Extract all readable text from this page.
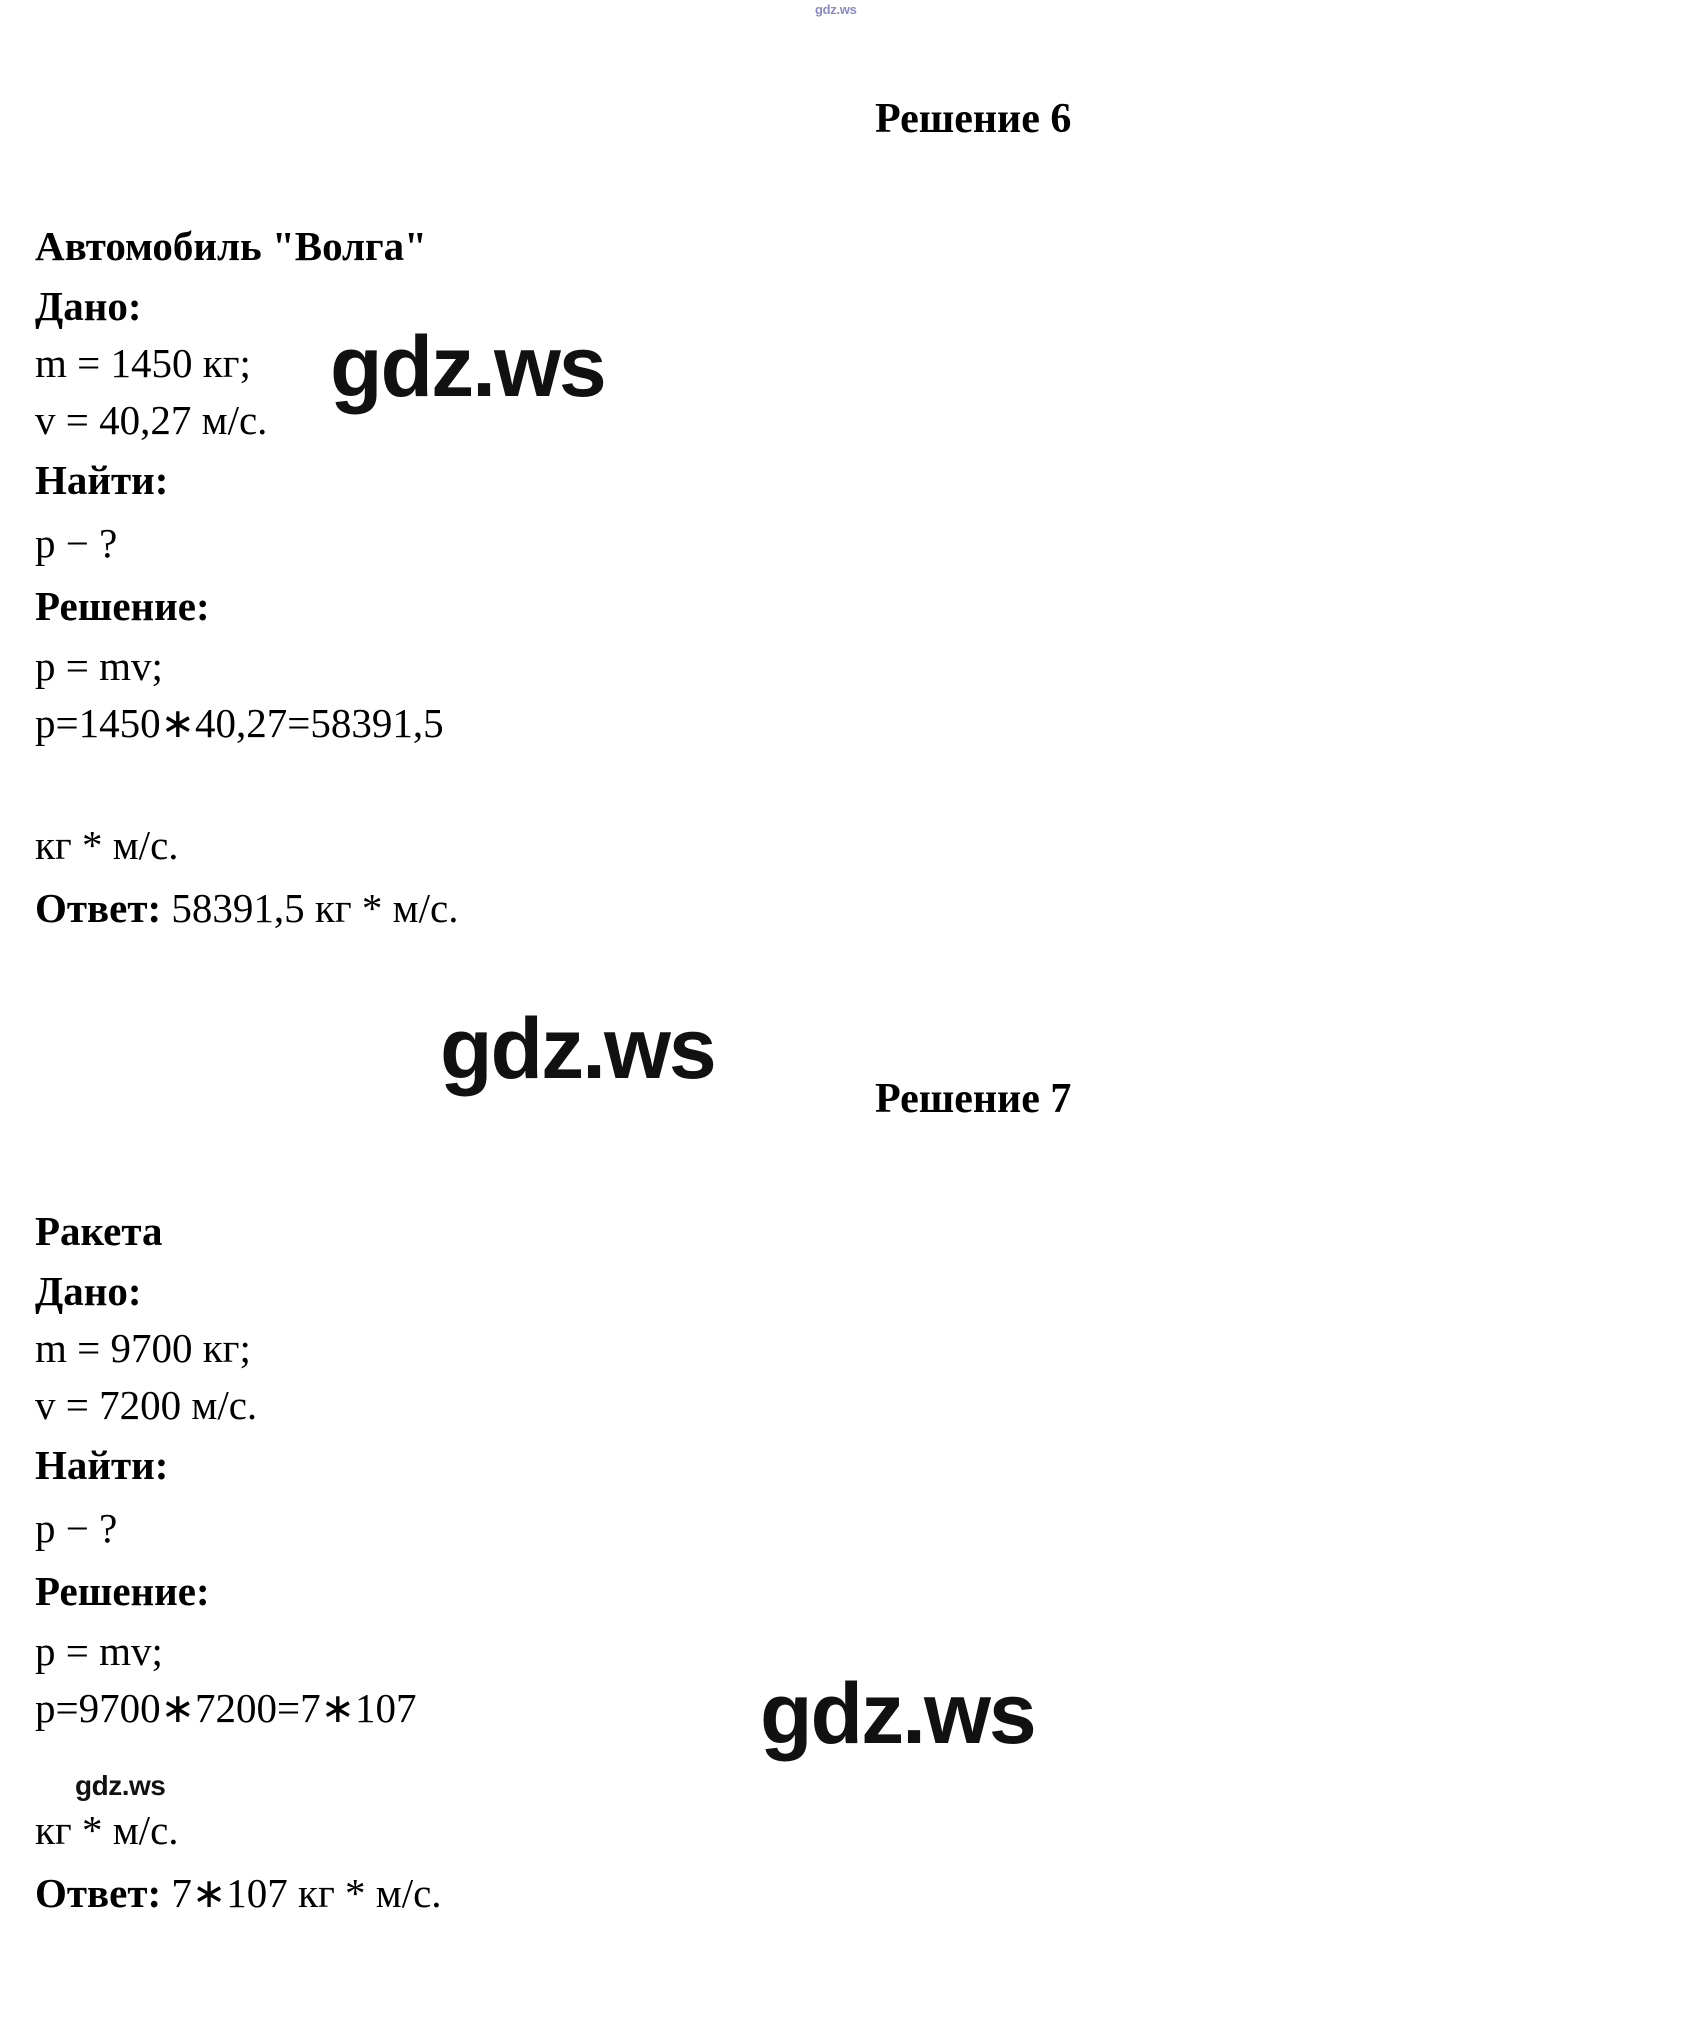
gdz.ws
Решение 6
Автомобиль "Волга"
Дано:
m = 1450 кг;
v = 40,27 м/с.
Найти:
p − ?
Решение:
p = mv;
p=1450∗40,27=58391,5

кг * м/с.
Ответ: 58391,5 кг * м/с.
Решение 7
Ракета
Дано:
m = 9700 кг;
v = 7200 м/с.
Найти:
p − ?
Решение:
p = mv;
p=9700∗7200=7∗107

кг * м/с.
Ответ: 7∗107 кг * м/с.
gdz.ws
gdz.ws
gdz.ws
gdz.ws
